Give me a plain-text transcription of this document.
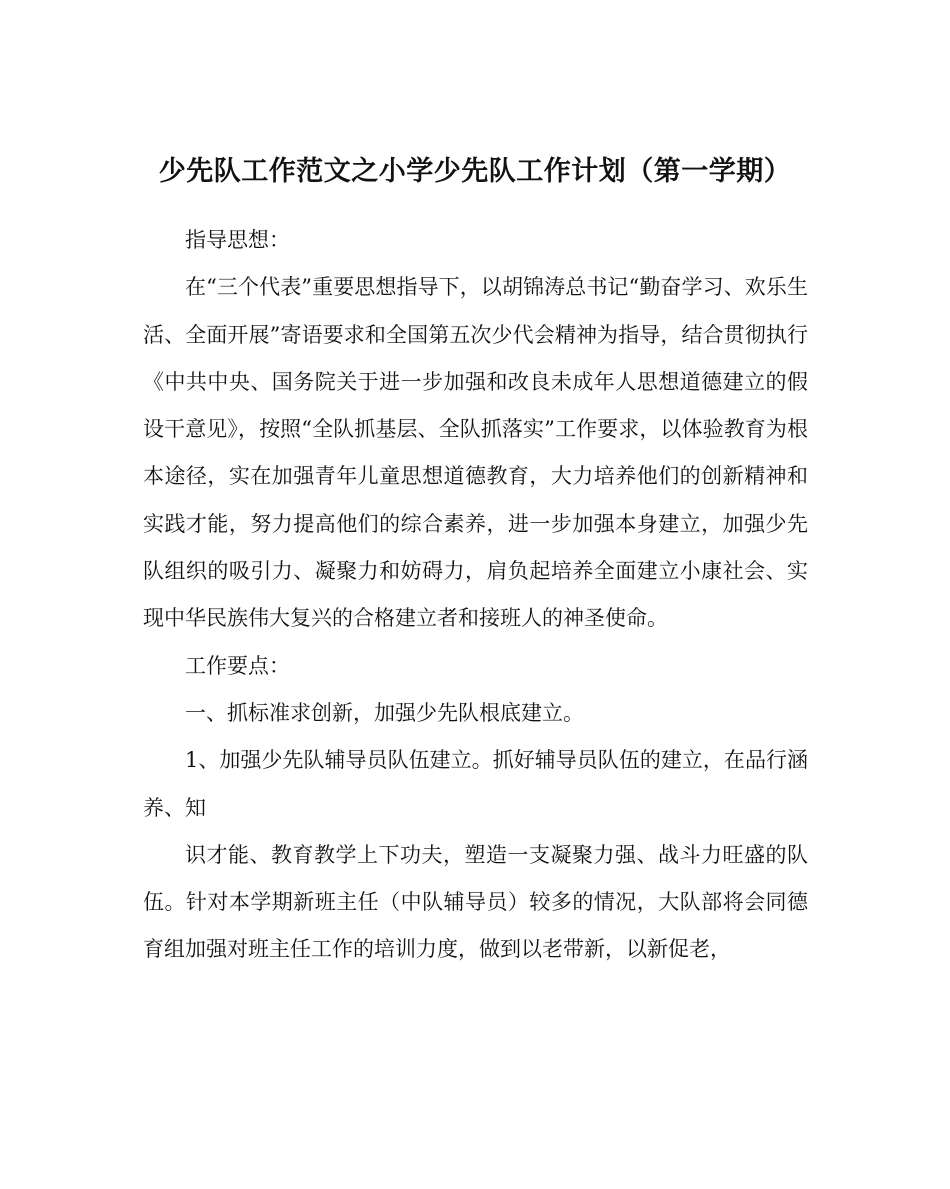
少先队工作范文之小学少先队工作计划（第一学期）

指导思想：

在“三个代表”重要思想指导下，以胡锦涛总书记“勤奋学习、欢乐生活、全面开展”寄语要求和全国第五次少代会精神为指导，结合贯彻执行《中共中央、国务院关于进一步加强和改良未成年人思想道德建立的假设干意见》，按照“全队抓基层、全队抓落实”工作要求，以体验教育为根本途径，实在加强青年儿童思想道德教育，大力培养他们的创新精神和实践才能，努力提高他们的综合素养，进一步加强本身建立，加强少先队组织的吸引力、凝聚力和妨碍力，肩负起培养全面建立小康社会、实现中华民族伟大复兴的合格建立者和接班人的神圣使命。

工作要点：

一、抓标准求创新，加强少先队根底建立。

1、加强少先队辅导员队伍建立。抓好辅导员队伍的建立，在品行涵养、知

识才能、教育教学上下功夫，塑造一支凝聚力强、战斗力旺盛的队伍。针对本学期新班主任（中队辅导员）较多的情况，大队部将会同德育组加强对班主任工作的培训力度，做到以老带新，以新促老，
